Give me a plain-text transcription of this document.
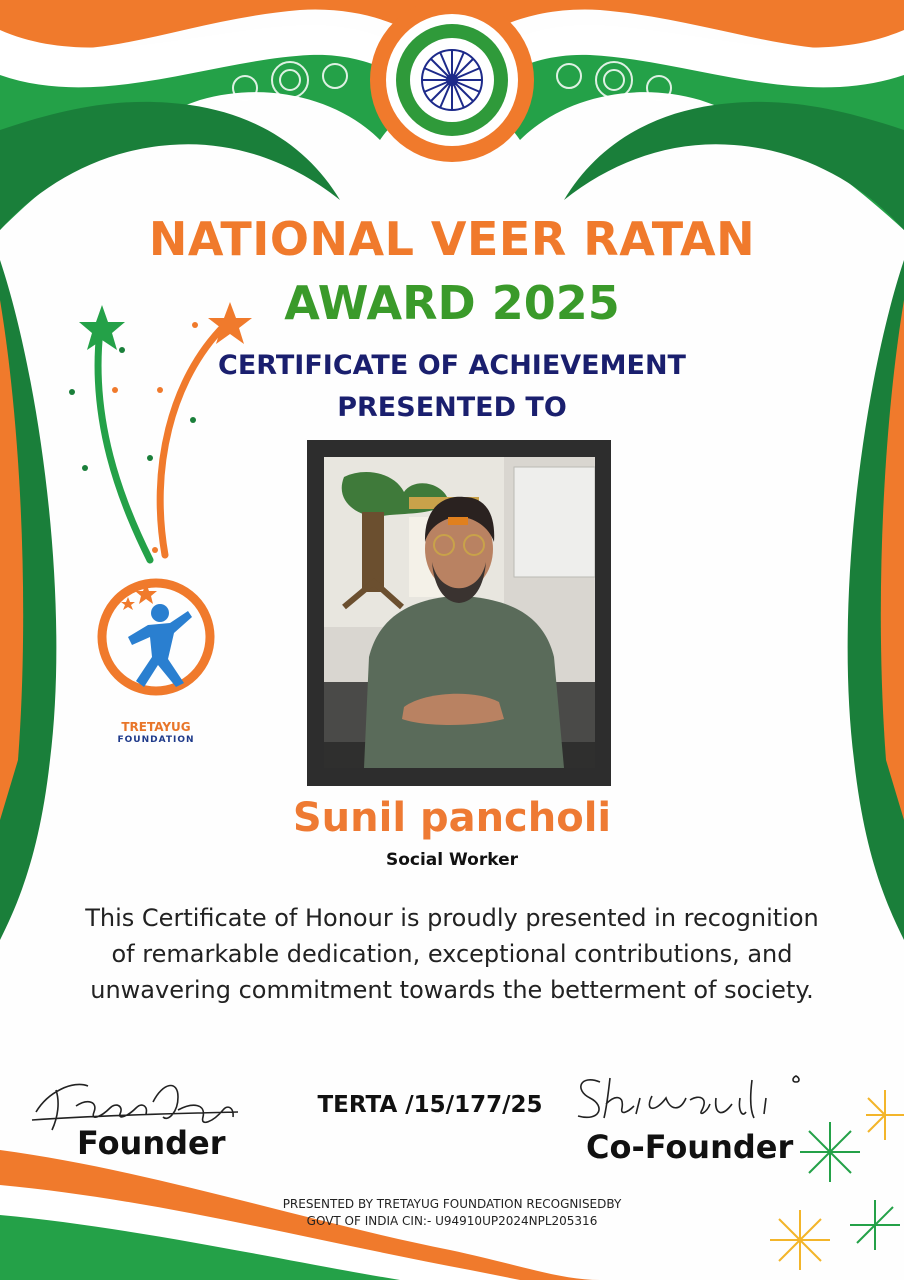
TRETAYUG
FOUNDATION
NATIONAL VEER RATAN
AWARD 2025
CERTIFICATE OF ACHIEVEMENT
PRESENTED TO
Sunil pancholi
Social Worker
This Certificate of Honour is proudly presented in recognition of remarkable dedication, exceptional contributions, and unwavering commitment towards the betterment of society.
Founder
TERTA /15/177/25
Co-Founder
PRESENTED BY TRETAYUG FOUNDATION RECOGNISEDBY
GOVT OF INDIA CIN:- U94910UP2024NPL205316
